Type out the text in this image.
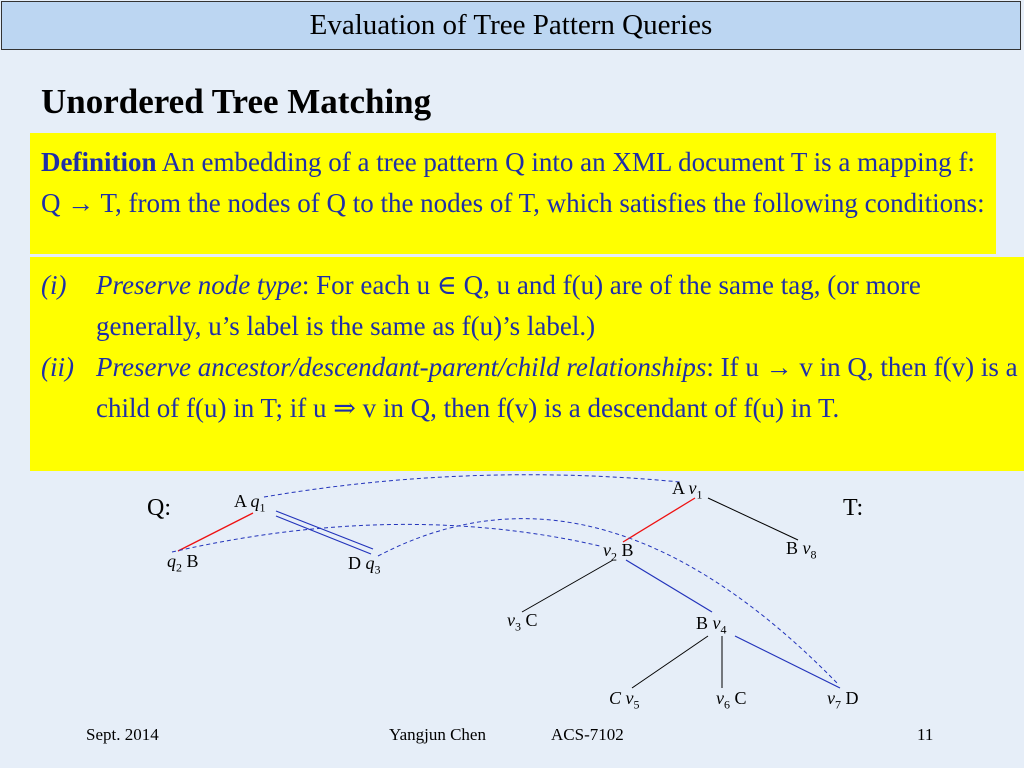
Evaluation of Tree Pattern Queries
Unordered Tree Matching
Definition An embedding of a tree pattern Q into an XML document T is a mapping f: Q → T, from the nodes of Q to the nodes of T, which satisfies the following conditions:
(i) Preserve node type: For each u ∈ Q, u and f(u) are of the same tag, (or more generally, u’s label is the same as f(u)’s label.)
(ii) Preserve ancestor/descendant-parent/child relationships: If u → v in Q, then f(v) is a child of f(u) in T; if u ⇒ v in Q, then f(v) is a descendant of f(u) in T.
Q:	T:
A $q_1$
$q_2$ B	D $q_3$
A $v_1$
$v_2$ B
$v_3$ C	B $v_4$
C $v_5$	$v_6$ C	$v_7$ D
B $v_8$
Sept. 2014	Yangjun Chen	ACS-7102	11
